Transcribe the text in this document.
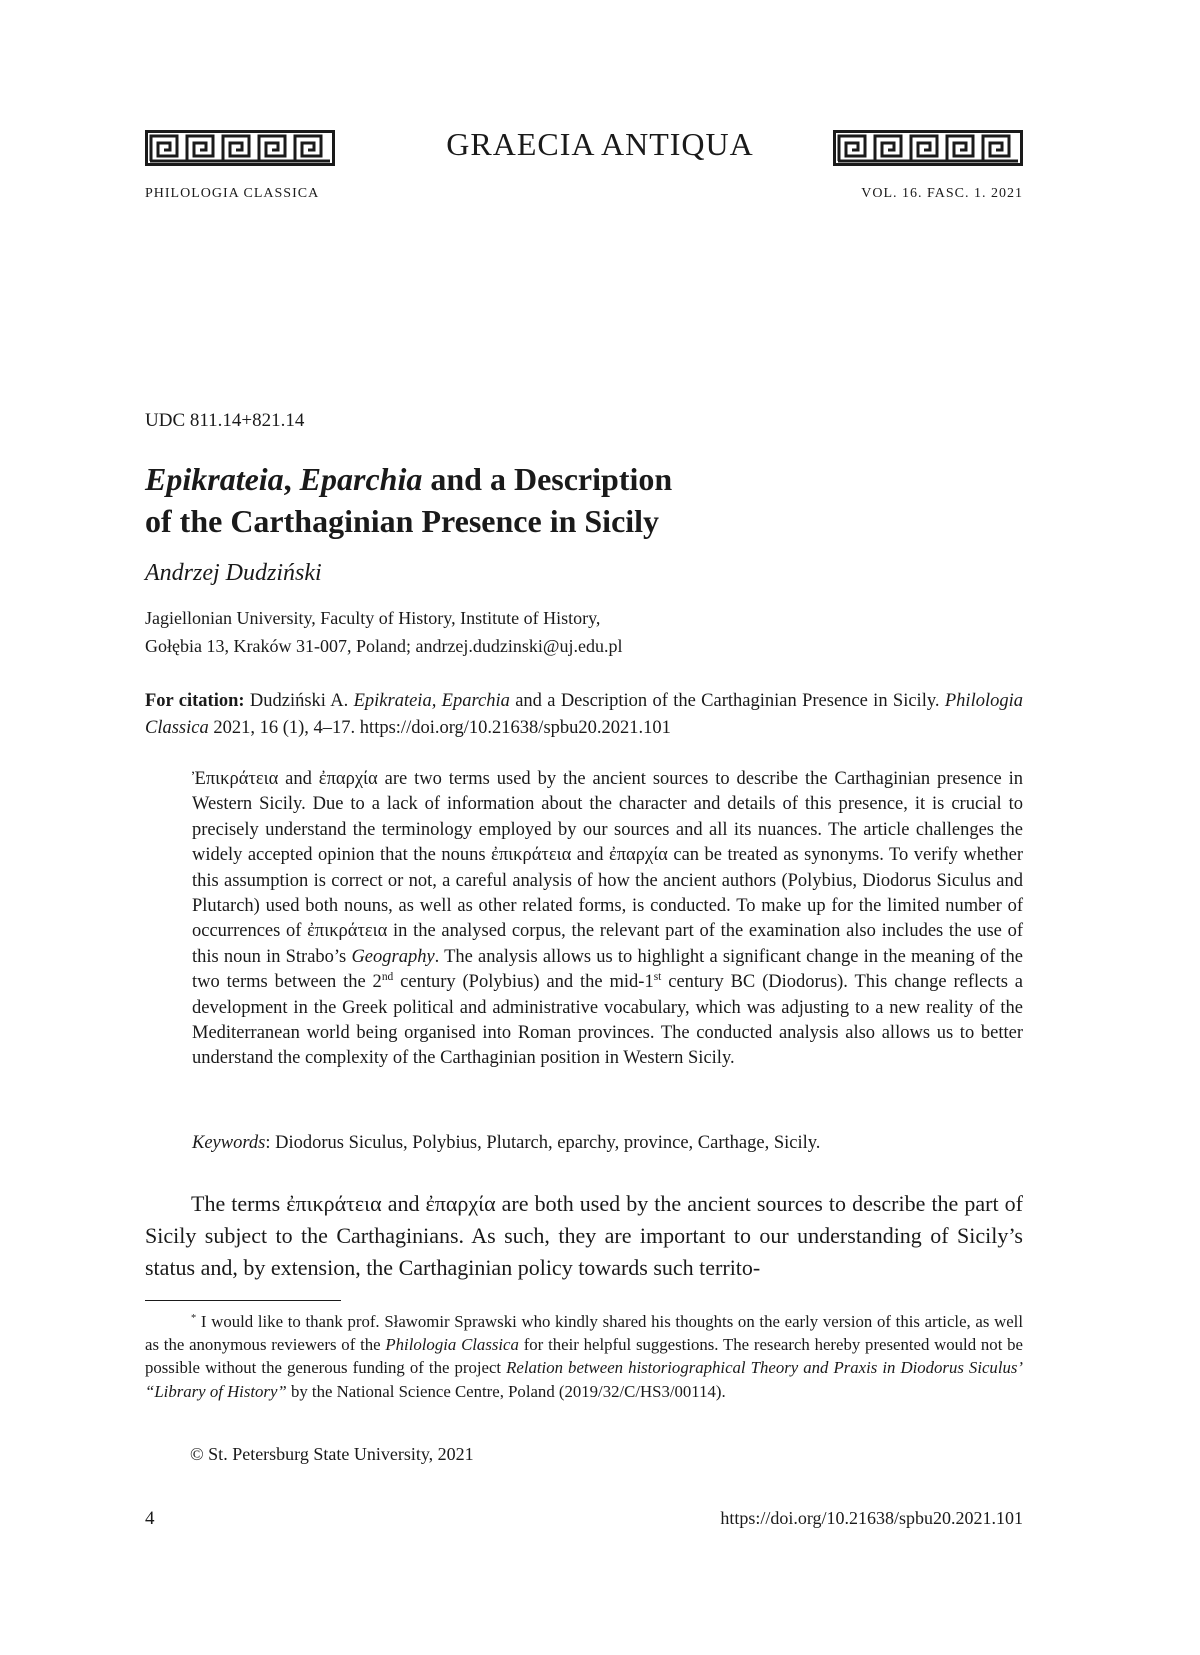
GRAECIA ANTIQUA
PHILOLOGIA CLASSICA	VOL. 16. FASC. 1. 2021
UDC 811.14+821.14
Epikrateia, Eparchia and a Description
of the Carthaginian Presence in Sicily
Andrzej Dudziński
Jagiellonian University, Faculty of History, Institute of History,
Gołębia 13, Kraków 31-007, Poland; andrzej.dudzinski@uj.edu.pl
For citation: Dudziński A. Epikrateia, Eparchia and a Description of the Carthaginian Presence in Sicily. Philologia Classica 2021, 16 (1), 4–17. https://doi.org/10.21638/spbu20.2021.101
Ἐπικράτεια and ἐπαρχία are two terms used by the ancient sources to describe the Carthaginian presence in Western Sicily. Due to a lack of information about the character and details of this presence, it is crucial to precisely understand the terminology employed by our sources and all its nuances. The article challenges the widely accepted opinion that the nouns ἐπικράτεια and ἐπαρχία can be treated as synonyms. To verify whether this assumption is correct or not, a careful analysis of how the ancient authors (Polybius, Diodorus Siculus and Plutarch) used both nouns, as well as other related forms, is conducted. To make up for the limited number of occurrences of ἐπικράτεια in the analysed corpus, the relevant part of the examination also includes the use of this noun in Strabo’s Geography. The analysis allows us to highlight a significant change in the meaning of the two terms between the 2nd century (Polybius) and the mid-1st century BC (Diodorus). This change reflects a development in the Greek political and administrative vocabulary, which was adjusting to a new reality of the Mediterranean world being organised into Roman provinces. The conducted analysis also allows us to better understand the complexity of the Carthaginian position in Western Sicily.
Keywords: Diodorus Siculus, Polybius, Plutarch, eparchy, province, Carthage, Sicily.
The terms ἐπικράτεια and ἐπαρχία are both used by the ancient sources to describe the part of Sicily subject to the Carthaginians. As such, they are important to our understanding of Sicily’s status and, by extension, the Carthaginian policy towards such territo-
* I would like to thank prof. Sławomir Sprawski who kindly shared his thoughts on the early version of this article, as well as the anonymous reviewers of the Philologia Classica for their helpful suggestions. The research hereby presented would not be possible without the generous funding of the project Relation between historiographical Theory and Praxis in Diodorus Siculus’ “Library of History” by the National Science Centre, Poland (2019/32/C/HS3/00114).
© St. Petersburg State University, 2021
4	https://doi.org/10.21638/spbu20.2021.101
